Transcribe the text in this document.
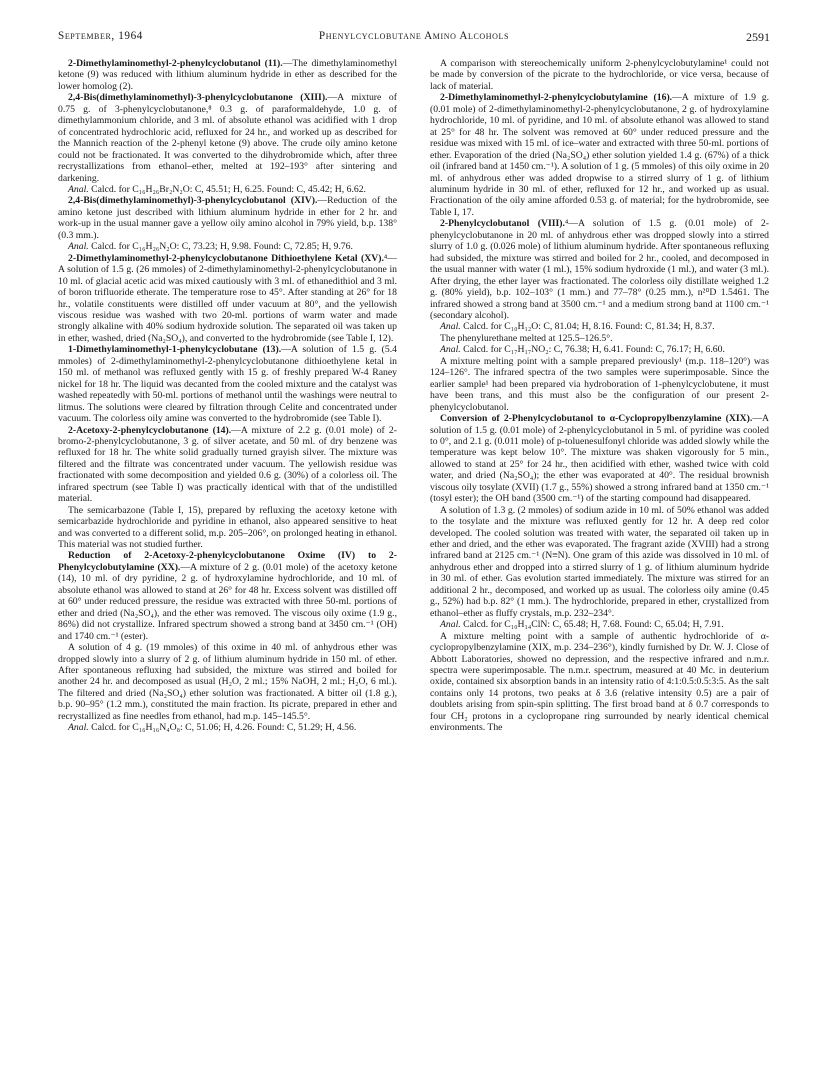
September, 1964	Phenylcyclobutane Amino Alcohols	2591

2-Dimethylaminomethyl-2-phenylcyclobutanol (11).—The dimethylaminomethyl ketone (9) was reduced with lithium aluminum hydride in ether as described for the lower homolog (2).

2,4-Bis(dimethylaminomethyl)-3-phenylcyclobutanone (XIII).—A mixture of 0.75 g. of 3-phenylcyclobutanone,⁸ 0.3 g. of paraformaldehyde, 1.0 g. of dimethylammonium chloride, and 3 ml. of absolute ethanol was acidified with 1 drop of concentrated hydrochloric acid, refluxed for 24 hr., and worked up as described for the Mannich reaction of the 2-phenyl ketone (9) above. The crude oily amino ketone could not be fractionated. It was converted to the dihydrobromide which, after three recrystallizations from ethanol–ether, melted at 192–193° after sintering and darkening.

Anal. Calcd. for C₁₆H₂₆Br₂N₂O: C, 45.51; H, 6.25. Found: C, 45.42; H, 6.62.

2,4-Bis(dimethylaminomethyl)-3-phenylcyclobutanol (XIV).—Reduction of the amino ketone just described with lithium aluminum hydride in ether for 2 hr. and work-up in the usual manner gave a yellow oily amino alcohol in 79% yield, b.p. 138° (0.3 mm.).

Anal. Calcd. for C₁₆H₂₆N₂O: C, 73.23; H, 9.98. Found: C, 72.85; H, 9.76.

2-Dimethylaminomethyl-2-phenylcyclobutanone Dithioethylene Ketal (XV).⁴—A solution of 1.5 g. (26 mmoles) of 2-dimethylaminomethyl-2-phenylcyclobutanone in 10 ml. of glacial acetic acid was mixed cautiously with 3 ml. of ethanedithiol and 3 ml. of boron trifluoride etherate. The temperature rose to 45°. After standing at 26° for 18 hr., volatile constituents were distilled off under vacuum at 80°, and the yellowish viscous residue was washed with two 20-ml. portions of warm water and made strongly alkaline with 40% sodium hydroxide solution. The separated oil was taken up in ether, washed, dried (Na₂SO₄), and converted to the hydrobromide (see Table I, 12).

1-Dimethylaminomethyl-1-phenylcyclobutane (13).—A solution of 1.5 g. (5.4 mmoles) of 2-dimethylaminomethyl-2-phenylcyclobutanone dithioethylene ketal in 150 ml. of methanol was refluxed gently with 15 g. of freshly prepared W-4 Raney nickel for 18 hr. The liquid was decanted from the cooled mixture and the catalyst was washed repeatedly with 50-ml. portions of methanol until the washings were neutral to litmus. The solutions were cleared by filtration through Celite and concentrated under vacuum. The colorless oily amine was converted to the hydrobromide (see Table I).

2-Acetoxy-2-phenylcyclobutanone (14).—A mixture of 2.2 g. (0.01 mole) of 2-bromo-2-phenylcyclobutanone, 3 g. of silver acetate, and 50 ml. of dry benzene was refluxed for 18 hr. The white solid gradually turned grayish silver. The mixture was filtered and the filtrate was concentrated under vacuum. The yellowish residue was fractionated with some decomposition and yielded 0.6 g. (30%) of a colorless oil. The infrared spectrum (see Table I) was practically identical with that of the undistilled material.

The semicarbazone (Table I, 15), prepared by refluxing the acetoxy ketone with semicarbazide hydrochloride and pyridine in ethanol, also appeared sensitive to heat and was converted to a different solid, m.p. 205–206°, on prolonged heating in ethanol. This material was not studied further.

Reduction of 2-Acetoxy-2-phenylcyclobutanone Oxime (IV) to 2-Phenylcyclobutylamine (XX).—A mixture of 2 g. (0.01 mole) of the acetoxy ketone (14), 10 ml. of dry pyridine, 2 g. of hydroxylamine hydrochloride, and 10 ml. of absolute ethanol was allowed to stand at 26° for 48 hr. Excess solvent was distilled off at 60° under reduced pressure, the residue was extracted with three 50-ml. portions of ether and dried (Na₂SO₄), and the ether was removed. The viscous oily oxime (1.9 g., 86%) did not crystallize. Infrared spectrum showed a strong band at 3450 cm.⁻¹ (OH) and 1740 cm.⁻¹ (ester).

A solution of 4 g. (19 mmoles) of this oxime in 40 ml. of anhydrous ether was dropped slowly into a slurry of 2 g. of lithium aluminum hydride in 150 ml. of ether. After spontaneous refluxing had subsided, the mixture was stirred and boiled for another 24 hr. and decomposed as usual (H₂O, 2 ml.; 15% NaOH, 2 ml.; H₂O, 6 ml.). The filtered and dried (Na₂SO₄) ether solution was fractionated. A bitter oil (1.8 g.), b.p. 90–95° (1.2 mm.), constituted the main fraction. Its picrate, prepared in ether and recrystallized as fine needles from ethanol, had m.p. 145–145.5°.

Anal. Calcd. for C₁₆H₁₆N₄O₈: C, 51.06; H, 4.26. Found: C, 51.29; H, 4.56.

A comparison with stereochemically uniform 2-phenylcyclobutylamine¹ could not be made by conversion of the picrate to the hydrochloride, or vice versa, because of lack of material.

2-Dimethylaminomethyl-2-phenylcyclobutylamine (16).—A mixture of 1.9 g. (0.01 mole) of 2-dimethylaminomethyl-2-phenylcyclobutanone, 2 g. of hydroxylamine hydrochloride, 10 ml. of pyridine, and 10 ml. of absolute ethanol was allowed to stand at 25° for 48 hr. The solvent was removed at 60° under reduced pressure and the residue was mixed with 15 ml. of ice–water and extracted with three 50-ml. portions of ether. Evaporation of the dried (Na₂SO₄) ether solution yielded 1.4 g. (67%) of a thick oil (infrared band at 1450 cm.⁻¹). A solution of 1 g. (5 mmoles) of this oily oxime in 20 ml. of anhydrous ether was added dropwise to a stirred slurry of 1 g. of lithium aluminum hydride in 30 ml. of ether, refluxed for 12 hr., and worked up as usual. Fractionation of the oily amine afforded 0.53 g. of material; for the hydrobromide, see Table I, 17.

2-Phenylcyclobutanol (VIII).⁴—A solution of 1.5 g. (0.01 mole) of 2-phenylcyclobutanone in 20 ml. of anhydrous ether was dropped slowly into a stirred slurry of 1.0 g. (0.026 mole) of lithium aluminum hydride. After spontaneous refluxing had subsided, the mixture was stirred and boiled for 2 hr., cooled, and decomposed in the usual manner with water (1 ml.), 15% sodium hydroxide (1 ml.), and water (3 ml.). After drying, the ether layer was fractionated. The colorless oily distillate weighed 1.2 g. (80% yield), b.p. 102–103° (1 mm.) and 77–78° (0.25 mm.), n²⁰D 1.5461. The infrared showed a strong band at 3500 cm.⁻¹ and a medium strong band at 1100 cm.⁻¹ (secondary alcohol).

Anal. Calcd. for C₁₀H₁₂O: C, 81.04; H, 8.16. Found: C, 81.34; H, 8.37.

The phenylurethane melted at 125.5–126.5°.

Anal. Calcd. for C₁₇H₁₇NO₂: C, 76.38; H, 6.41. Found: C, 76.17; H, 6.60.

A mixture melting point with a sample prepared previously¹ (m.p. 118–120°) was 124–126°. The infrared spectra of the two samples were superimposable. Since the earlier sample¹ had been prepared via hydroboration of 1-phenylcyclobutene, it must have been trans, and this must also be the configuration of our present 2-phenylcyclobutanol.

Conversion of 2-Phenylcyclobutanol to α-Cyclopropylbenzylamine (XIX).—A solution of 1.5 g. (0.01 mole) of 2-phenylcyclobutanol in 5 ml. of pyridine was cooled to 0°, and 2.1 g. (0.011 mole) of p-toluenesulfonyl chloride was added slowly while the temperature was kept below 10°. The mixture was shaken vigorously for 5 min., allowed to stand at 25° for 24 hr., then acidified with ether, washed twice with cold water, and dried (Na₂SO₄); the ether was evaporated at 40°. The residual brownish viscous oily tosylate (XVII) (1.7 g., 55%) showed a strong infrared band at 1350 cm.⁻¹ (tosyl ester); the OH band (3500 cm.⁻¹) of the starting compound had disappeared.

A solution of 1.3 g. (2 mmoles) of sodium azide in 10 ml. of 50% ethanol was added to the tosylate and the mixture was refluxed gently for 12 hr. A deep red color developed. The cooled solution was treated with water, the separated oil taken up in ether and dried, and the ether was evaporated. The fragrant azide (XVIII) had a strong infrared band at 2125 cm.⁻¹ (N≡N). One gram of this azide was dissolved in 10 ml. of anhydrous ether and dropped into a stirred slurry of 1 g. of lithium aluminum hydride in 30 ml. of ether. Gas evolution started immediately. The mixture was stirred for an additional 2 hr., decomposed, and worked up as usual. The colorless oily amine (0.45 g., 52%) had b.p. 82° (1 mm.). The hydrochloride, prepared in ether, crystallized from ethanol–ether as fluffy crystals, m.p. 232–234°.

Anal. Calcd. for C₁₀H₁₄ClN: C, 65.48; H, 7.68. Found: C, 65.04; H, 7.91.

A mixture melting point with a sample of authentic hydrochloride of α-cyclopropylbenzylamine (XIX, m.p. 234–236°), kindly furnished by Dr. W. J. Close of Abbott Laboratories, showed no depression, and the respective infrared and n.m.r. spectra were superimposable. The n.m.r. spectrum, measured at 40 Mc. in deuterium oxide, contained six absorption bands in an intensity ratio of 4:1:0.5:0.5:3:5. As the salt contains only 14 protons, two peaks at δ 3.6 (relative intensity 0.5) are a pair of doublets arising from spin-spin splitting. The first broad band at δ 0.7 corresponds to four CH₂ protons in a cyclopropane ring surrounded by nearly identical chemical environments. The
